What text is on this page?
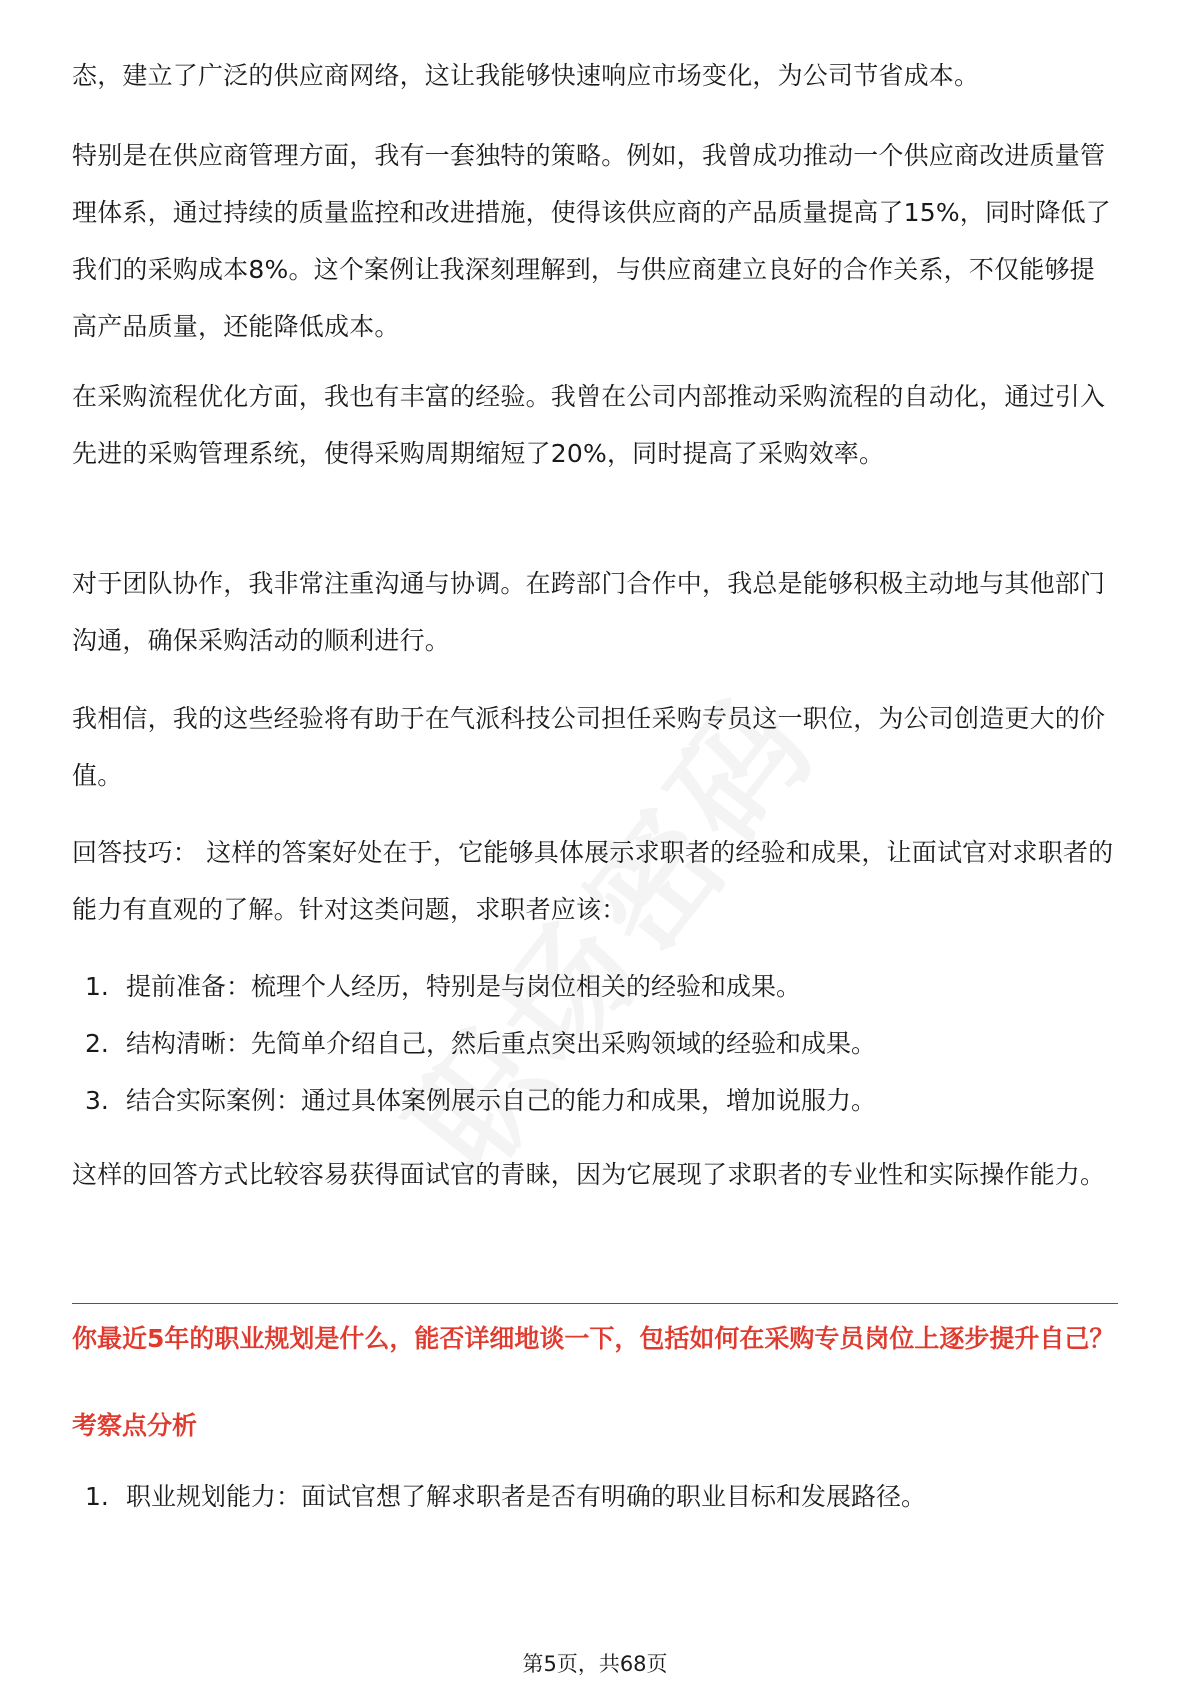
态，建立了广泛的供应商网络，这让我能够快速响应市场变化，为公司节省成本。

特别是在供应商管理方面，我有一套独特的策略。例如，我曾成功推动一个供应商改进质量管理体系，通过持续的质量监控和改进措施，使得该供应商的产品质量提高了15%，同时降低了我们的采购成本8%。这个案例让我深刻理解到，与供应商建立良好的合作关系，不仅能够提高产品质量，还能降低成本。

在采购流程优化方面，我也有丰富的经验。我曾在公司内部推动采购流程的自动化，通过引入先进的采购管理系统，使得采购周期缩短了20%，同时提高了采购效率。

对于团队协作，我非常注重沟通与协调。在跨部门合作中，我总是能够积极主动地与其他部门沟通，确保采购活动的顺利进行。

我相信，我的这些经验将有助于在气派科技公司担任采购专员这一职位，为公司创造更大的价值。

回答技巧： 这样的答案好处在于，它能够具体展示求职者的经验和成果，让面试官对求职者的能力有直观的了解。针对这类问题，求职者应该：

1. 提前准备：梳理个人经历，特别是与岗位相关的经验和成果。
2. 结构清晰：先简单介绍自己，然后重点突出采购领域的经验和成果。
3. 结合实际案例：通过具体案例展示自己的能力和成果，增加说服力。

这样的回答方式比较容易获得面试官的青睐，因为它展现了求职者的专业性和实际操作能力。

你最近5年的职业规划是什么，能否详细地谈一下，包括如何在采购专员岗位上逐步提升自己？

考察点分析

1. 职业规划能力：面试官想了解求职者是否有明确的职业目标和发展路径。
第5页，共68页
